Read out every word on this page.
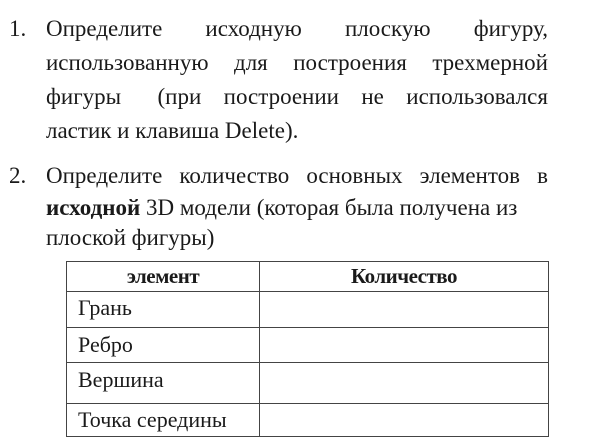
1. Определите исходную плоскую фигуру,
использованную для построения трехмерной
фигуры (при построении не использовался
ластик и клавиша Delete).
2. Определите количество основных элементов в
исходной 3D модели (которая была получена из
плоской фигуры)
элемент	Количество
Грань	
Ребро	
Вершина	
Точка середины	
